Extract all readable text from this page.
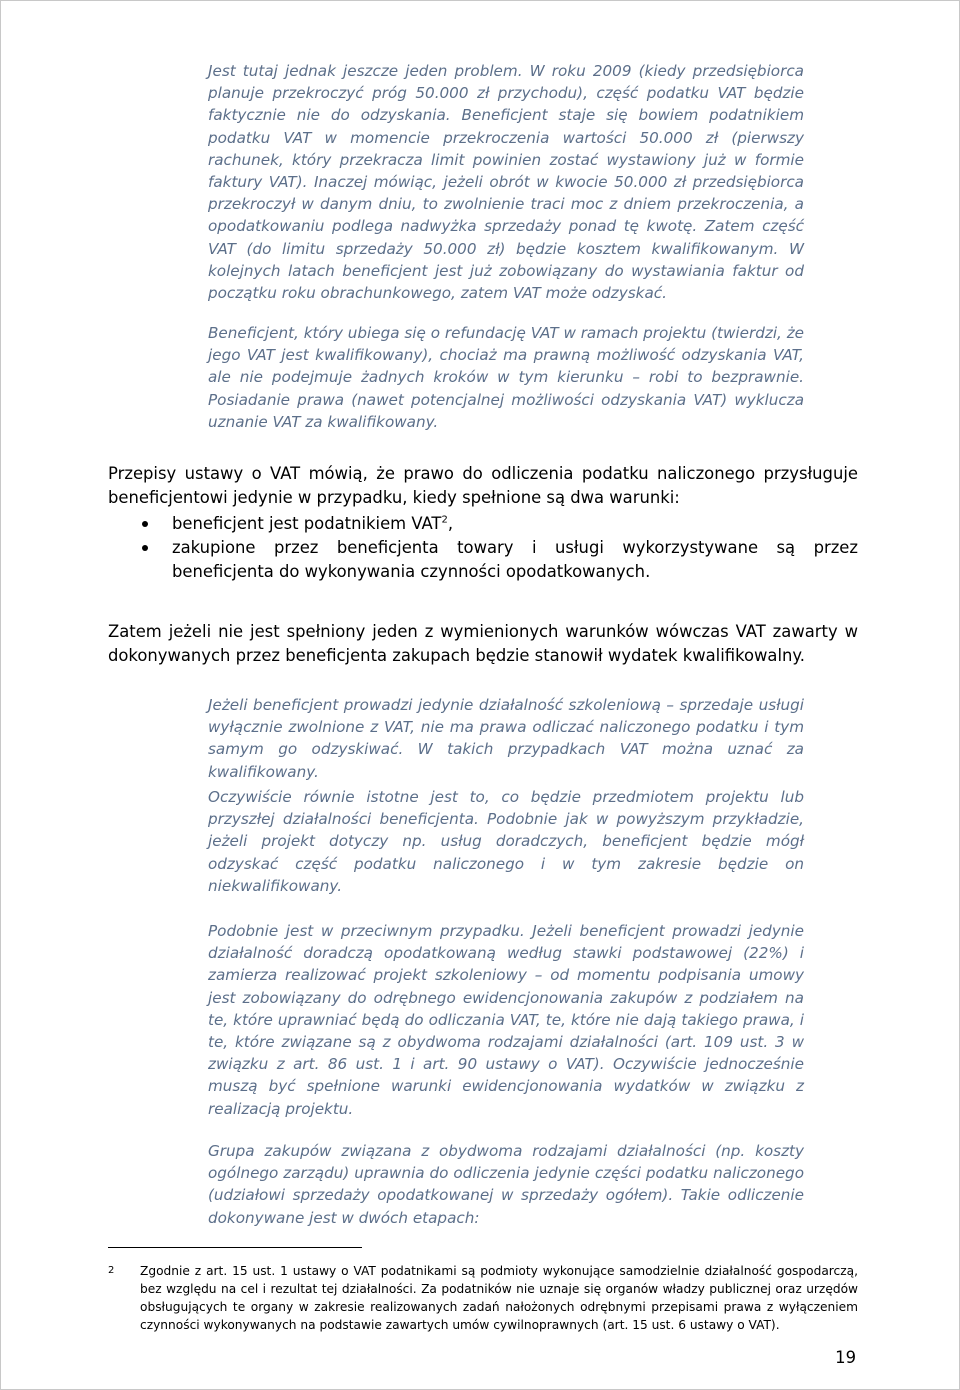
Jest tutaj jednak jeszcze jeden problem. W roku 2009 (kiedy przedsiębiorca planuje przekroczyć próg 50.000 zł przychodu), część podatku VAT będzie faktycznie nie do odzyskania. Beneficjent staje się bowiem podatnikiem podatku VAT w momencie przekroczenia wartości 50.000 zł (pierwszy rachunek, który przekracza limit powinien zostać wystawiony już w formie faktury VAT). Inaczej mówiąc, jeżeli obrót w kwocie 50.000 zł przedsiębiorca przekroczył w danym dniu, to zwolnienie traci moc z dniem przekroczenia, a opodatkowaniu podlega nadwyżka sprzedaży ponad tę kwotę. Zatem część VAT (do limitu sprzedaży 50.000 zł) będzie kosztem kwalifikowanym. W kolejnych latach beneficjent jest już zobowiązany do wystawiania faktur od początku roku obrachunkowego, zatem VAT może odzyskać.

Beneficjent, który ubiega się o refundację VAT w ramach projektu (twierdzi, że jego VAT jest kwalifikowany), chociaż ma prawną możliwość odzyskania VAT, ale nie podejmuje żadnych kroków w tym kierunku – robi to bezprawnie. Posiadanie prawa (nawet potencjalnej możliwości odzyskania VAT) wyklucza uznanie VAT za kwalifikowany.

Przepisy ustawy o VAT mówią, że prawo do odliczenia podatku naliczonego przysługuje beneficjentowi jedynie w przypadku, kiedy spełnione są dwa warunki:

beneficjent jest podatnikiem VAT$^2$,
zakupione przez beneficjenta towary i usługi wykorzystywane są przez beneficjenta do wykonywania czynności opodatkowanych.

Zatem jeżeli nie jest spełniony jeden z wymienionych warunków wówczas VAT zawarty w dokonywanych przez beneficjenta zakupach będzie stanowił wydatek kwalifikowalny.

Jeżeli beneficjent prowadzi jedynie działalność szkoleniową – sprzedaje usługi wyłącznie zwolnione z VAT, nie ma prawa odliczać naliczonego podatku i tym samym go odzyskiwać. W takich przypadkach VAT można uznać za kwalifikowany.

Oczywiście równie istotne jest to, co będzie przedmiotem projektu lub przyszłej działalności beneficjenta. Podobnie jak w powyższym przykładzie, jeżeli projekt dotyczy np. usług doradczych, beneficjent będzie mógł odzyskać część podatku naliczonego i w tym zakresie będzie on niekwalifikowany.

Podobnie jest w przeciwnym przypadku. Jeżeli beneficjent prowadzi jedynie działalność doradczą opodatkowaną według stawki podstawowej (22%) i zamierza realizować projekt szkoleniowy – od momentu podpisania umowy jest zobowiązany do odrębnego ewidencjonowania zakupów z podziałem na te, które uprawniać będą do odliczania VAT, te, które nie dają takiego prawa, i te, które związane są z obydwoma rodzajami działalności (art. 109 ust. 3 w związku z art. 86 ust. 1 i art. 90 ustawy o VAT). Oczywiście jednocześnie muszą być spełnione warunki ewidencjonowania wydatków w związku z realizacją projektu.

Grupa zakupów związana z obydwoma rodzajami działalności (np. koszty ogólnego zarządu) uprawnia do odliczenia jedynie części podatku naliczonego (udziałowi sprzedaży opodatkowanej w sprzedaży ogółem). Takie odliczenie dokonywane jest w dwóch etapach:

2	Zgodnie z art. 15 ust. 1 ustawy o VAT podatnikami są podmioty wykonujące samodzielnie działalność gospodarczą, bez względu na cel i rezultat tej działalności. Za podatników nie uznaje się organów władzy publicznej oraz urzędów obsługujących te organy w zakresie realizowanych zadań nałożonych odrębnymi przepisami prawa z wyłączeniem czynności wykonywanych na podstawie zawartych umów cywilnoprawnych (art. 15 ust. 6 ustawy o VAT).
19
